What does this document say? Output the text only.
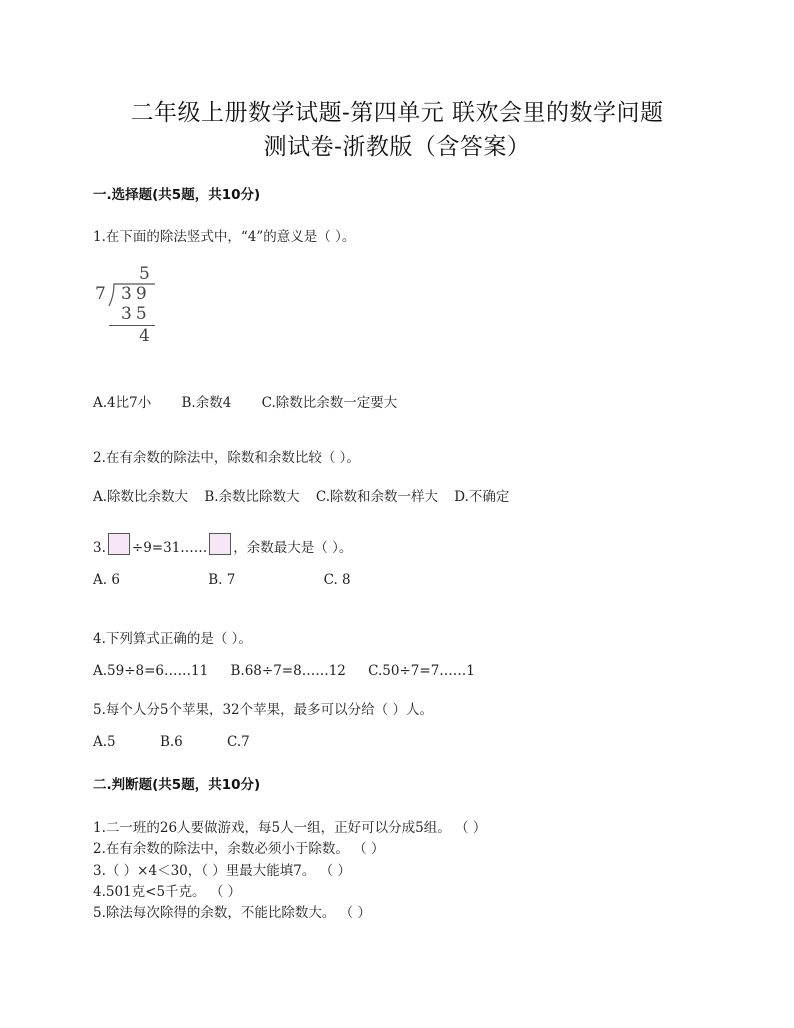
二年级上册数学试题-第四单元 联欢会里的数学问题
测试卷-浙教版（含答案）
一.选择题(共5题，共10分)
1.在下面的除法竖式中，“4”的意义是（ ）。
5
7 39
35
4
A.4比7小 B.余数4 C.除数比余数一定要大
2.在有余数的除法中，除数和余数比较（ ）。
A.除数比余数大 B.余数比除数大 C.除数和余数一样大 D.不确定
3. ÷9=31…… ，余数最大是（ ）。
A. 6	B. 7	C. 8
4.下列算式正确的是（ ）。
A.59÷8=6……11 B.68÷7=8……12 C.50÷7=7……1
5.每个人分5个苹果，32个苹果，最多可以分给（ ）人。
A.5	B.6	C.7
二.判断题(共5题，共10分)
1.二一班的26人要做游戏，每5人一组，正好可以分成5组。 （ ）
2.在有余数的除法中，余数必须小于除数。 （ ）
3.（ ）×4＜30，（ ）里最大能填7。 （ ）
4.501克<5千克。 （ ）
5.除法每次除得的余数，不能比除数大。 （ ）
